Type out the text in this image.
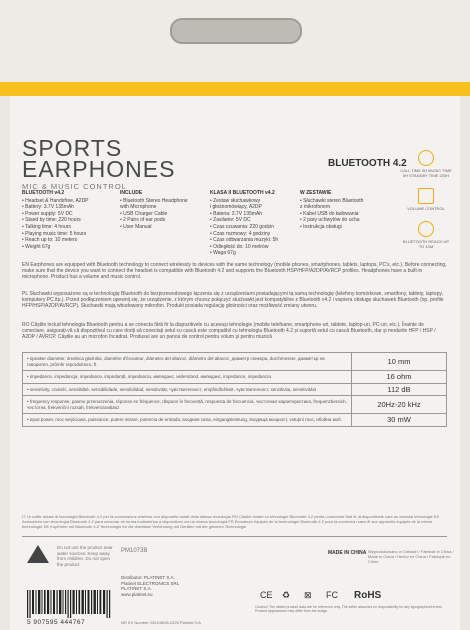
SPORTS
EARPHONES
MIC & MUSIC CONTROL
BLUETOOTH 4.2
CALL TIME 5H MUSIC TIME 5H STANDBY TIME 220H
VOLUME CONTROL
BLUETOOTH REACH UP TO 10M
BLUETOOTH v4.2
• Headset & Handsfree, A2DP
• Battery: 3.7V 135mAh
• Power supply: 5V DC
• Stand by time: 220 hours
• Talking time: 4 hours
• Playing music time: 5 hours
• Reach up to: 10 meters
• Weight 67g
INCLUDE
• Bluetooth Stereo Headphone
with Microphone
• USB Charger Cable
• 2 Pairs of ear pods
• User Manual
KLASA II BLUETOOTH v4.2
• Zestaw słuchawkowy
i głośnomówiący, A2DP
• Bateria: 3.7V 135mAh
• Zasilanie: 5V DC
• Czas czuwania: 220 godzin
• Czas rozmowy: 4 godziny
• Czas odtwarzania muzyki: 5h
• Odległość do: 10 metrów
• Waga 67g
W ZESTAWIE
• Słuchawki stereo Bluetooth
z mikrofonem
• Kabel USB do ładowania
• 2 pary uchwytów do ucha
• Instrukcja obsługi
EN Earphones are equipped with Bluetooth technology to connect wirelessly to devices with the same technology (mobile phones, smartphones, tablets, laptops, PC's, etc.). Before connecting, make sure that the device you want to connect the headset is compatible with Bluetooth 4.2 and supports the Bluetooth HSP/HFP/A2DP/AVRCP profiles. Headphones have a built-in microphone. Product has a volume and music control.
PL Słuchawki wyposażone są w technologię Bluetooth do bezprzewodowego łączenia się z urządzeniami posiadającymi tą samą technologię (telefony komórkowe, smartfony, tablety, laptopy, komputery PC itp.). Przed podłączeniem upewnij się, że urządzenie, z którym chcesz połączyć słuchawki jest kompatybilne z Bluetooth v4.2 i wspiera obsługę słuchawek Bluetooth (np. profile HFP/HSP/A2DP/AVRCP). Słuchawki mają wbudowany mikrofon. Produkt posiada regulację głośności oraz możliwość zmiany utworu.
RO Căștile includ tehnologia Bluetooth pentru a se conecta fără fir la dispozitivele cu aceeași tehnologie (mobile telefoane, smartphone-uri, tablete, laptop-uri, PC-uri, etc.). Înainte de conectare, asigurați-vă că dispozitivul cu care doriți să conectați setul cu cască este compatibil cu tehnologia Bluetooth 4.2 și suportă setul cu cască Bluetooth, dar și modurile HFP / HSP / A2DP / AVRCP. Căștile au un microfon încadrat. Produsul are un panou de control pentru volum și pentru muzică
• speaker diameter, średnica głośnika, diamètre d'écouteur, diámetro del altavoz, diâmetro del altavoz, диаметр спикера, durchmesser, диаметър на говорител, průměr reproduktoru, ft	10 mm
• impedance, impedancja, impedance, impedanță, impedancia, импеданс, widerstand, импеданс, impedance, impedancia	16 ohm
• sensitivity, czułość, sensibilité, sensibilidade, sensibilidad, sensitivität, чувствителност, empfindlichkeit, чувствителност, senzitivita, sensitivitást	112 dB
• frequency response, pasmo przenoszenia, réponse en fréquence, răspuns în frecvență, respuesta de frecuencia, частотная характеристика, frequenzbereich, честотна, frekvenční rozsah, frekvenciaválasz	20Hz-20 kHz
• input power, moc wejściowa, puissance, putere intrare, potencia de entrada, входная сила, eingangsleistung, входяща мощност, vstupní moc, ибойна моб	30 mW
IT Le cuffie dotate di tecnologia Bluetooth 4.2 per la connessione wireless con dispositivi dotati della stessa tecnologia RO Căștile dotate cu tehnologie Bluetooth 4.2 pentru conectare fără fir la dispozitivele care au aceeași tehnologie ES Auriculares con tecnología Bluetooth 4.2 para conectar de forma inalámbrica a dispositivos con la misma tecnología FR Écouteurs équipés de la technologie Bluetooth 4.2 pour la connexion sans fil aux appareils équipés de la même technologie DE Kopfhörer mit Bluetooth 4.2 Technologie für die drahtlose Verbindung mit Geräten mit der gleichen Technologie
Do not use the product near water sources. Keep away from children. Do not open the product.
PM1073B
Distributor: PLATINET S.A.
Platinet ELECTRONICS SRL
PLATINET S.A.
www.platinet.eu
MADE IN CHINA Wyprodukowano w Chinach / Fabricat în China / Made in China / Hecho en China / Fabriqué en Chine
CE ♻ ⊠ FC RoHS
5 907595 444767
Caution! The stated product data are for reference only. The seller assumes no responsibility for any typographical errors. Product appearance may differ from the image.
NR EX Number 030108/08-0325 Platinet S.A
